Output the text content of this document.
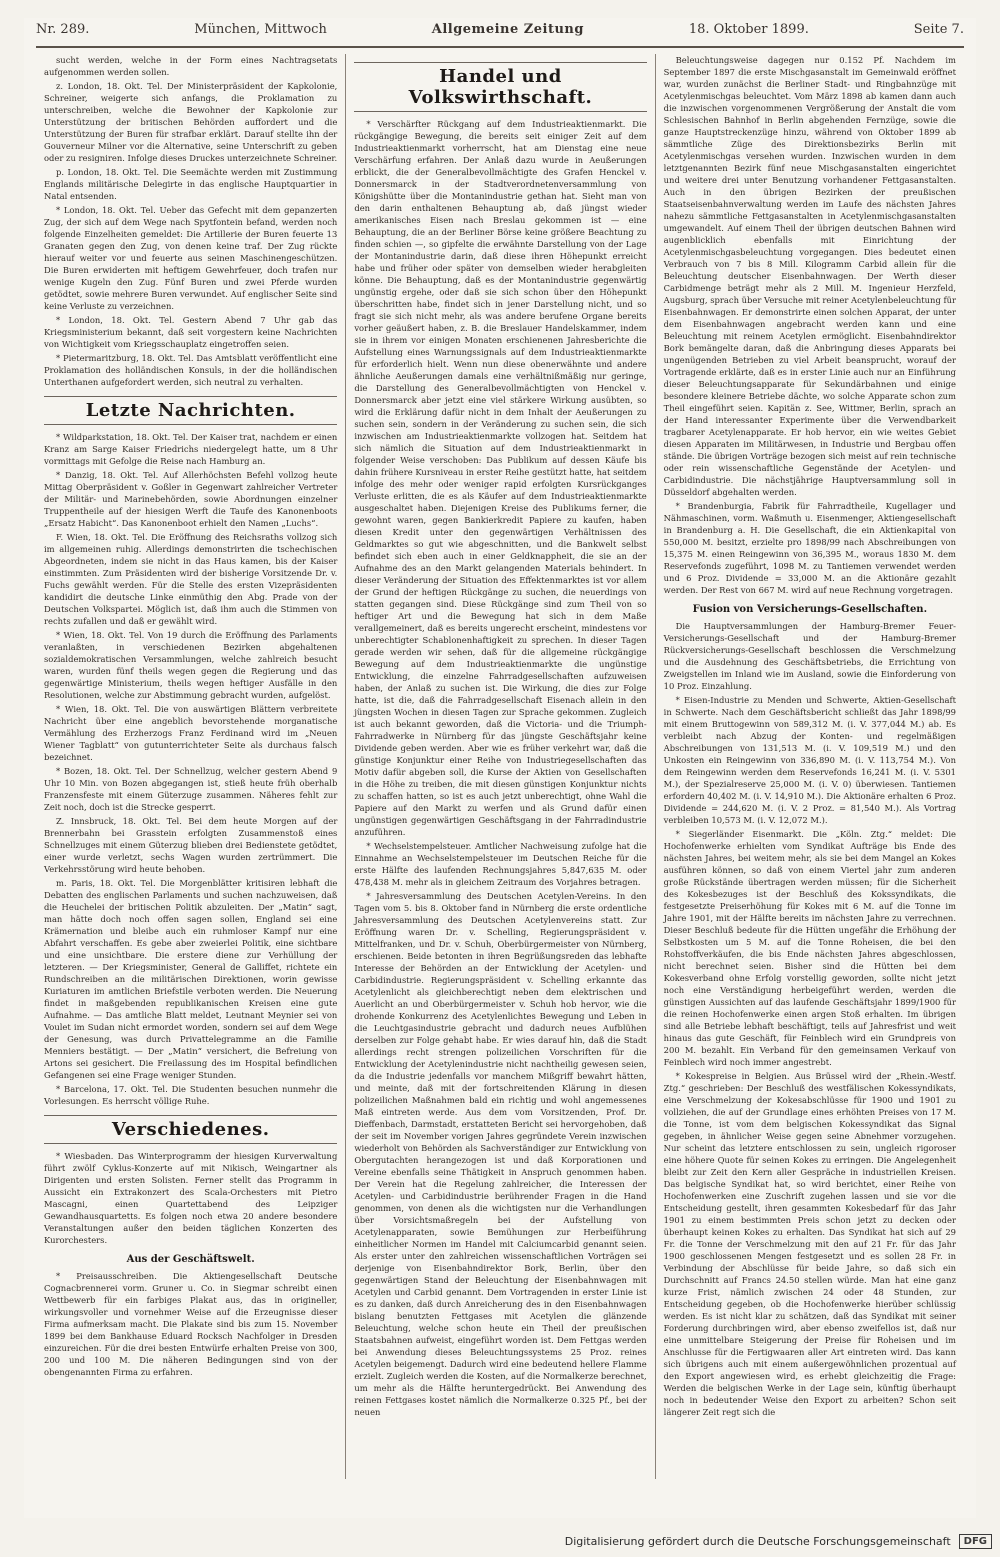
Nr. 289.	München, Mittwoch	Allgemeine Zeitung	18. Oktober 1899.	Seite 7.

sucht werden, welche in der Form eines Nachtragsetats aufgenommen werden sollen.

z. London, 18. Okt. Tel. Der Ministerpräsident der Kapkolonie, Schreiner, weigerte sich anfangs, die Proklamation zu unterschreiben, welche die Bewohner der Kapkolonie zur Unterstützung der britischen Behörden auffordert und die Unterstützung der Buren für strafbar erklärt. Darauf stellte ihn der Gouverneur Milner vor die Alternative, seine Unterschrift zu geben oder zu resigniren. Infolge dieses Druckes unterzeichnete Schreiner.

p. London, 18. Okt. Tel. Die Seemächte werden mit Zustimmung Englands militärische Delegirte in das englische Hauptquartier in Natal entsenden.

* London, 18. Okt. Tel. Ueber das Gefecht mit dem gepanzerten Zug, der sich auf dem Wege nach Spytfontein befand, werden noch folgende Einzelheiten gemeldet: Die Artillerie der Buren feuerte 13 Granaten gegen den Zug, von denen keine traf. Der Zug rückte hierauf weiter vor und feuerte aus seinen Maschinengeschützen. Die Buren erwiderten mit heftigem Gewehrfeuer, doch trafen nur wenige Kugeln den Zug. Fünf Buren und zwei Pferde wurden getödtet, sowie mehrere Buren verwundet. Auf englischer Seite sind keine Verluste zu verzeichnen.

* London, 18. Okt. Tel. Gestern Abend 7 Uhr gab das Kriegsministerium bekannt, daß seit vorgestern keine Nachrichten von Wichtigkeit vom Kriegsschauplatz eingetroffen seien.

* Pietermaritzburg, 18. Okt. Tel. Das Amtsblatt veröffentlicht eine Proklamation des holländischen Konsuls, in der die holländischen Unterthanen aufgefordert werden, sich neutral zu verhalten.

Letzte Nachrichten.

* Wildparkstation, 18. Okt. Tel. Der Kaiser trat, nachdem er einen Kranz am Sarge Kaiser Friedrichs niedergelegt hatte, um 8 Uhr vormittags mit Gefolge die Reise nach Hamburg an.

* Danzig, 18. Okt. Tel. Auf Allerhöchsten Befehl vollzog heute Mittag Oberpräsident v. Goßler in Gegenwart zahlreicher Vertreter der Militär- und Marinebehörden, sowie Abordnungen einzelner Truppentheile auf der hiesigen Werft die Taufe des Kanonenboots „Ersatz Habicht“. Das Kanonenboot erhielt den Namen „Luchs“.

F. Wien, 18. Okt. Tel. Die Eröffnung des Reichsraths vollzog sich im allgemeinen ruhig. Allerdings demonstrirten die tschechischen Abgeordneten, indem sie nicht in das Haus kamen, bis der Kaiser einstimmten. Zum Präsidenten wird der bisherige Vorsitzende Dr. v. Fuchs gewählt werden. Für die Stelle des ersten Vizepräsidenten kandidirt die deutsche Linke einmüthig den Abg. Prade von der Deutschen Volkspartei. Möglich ist, daß ihm auch die Stimmen von rechts zufallen und daß er gewählt wird.

* Wien, 18. Okt. Tel. Von 19 durch die Eröffnung des Parlaments veranlaßten, in verschiedenen Bezirken abgehaltenen sozialdemokratischen Versammlungen, welche zahlreich besucht waren, wurden fünf theils wegen gegen die Regierung und das gegenwärtige Ministerium, theils wegen heftiger Ausfälle in den Resolutionen, welche zur Abstimmung gebracht wurden, aufgelöst.

* Wien, 18. Okt. Tel. Die von auswärtigen Blättern verbreitete Nachricht über eine angeblich bevorstehende morganatische Vermählung des Erzherzogs Franz Ferdinand wird im „Neuen Wiener Tagblatt“ von gutunterrichteter Seite als durchaus falsch bezeichnet.

* Bozen, 18. Okt. Tel. Der Schnellzug, welcher gestern Abend 9 Uhr 10 Min. von Bozen abgegangen ist, stieß heute früh oberhalb Franzensfeste mit einem Güterzuge zusammen. Näheres fehlt zur Zeit noch, doch ist die Strecke gesperrt.

Z. Innsbruck, 18. Okt. Tel. Bei dem heute Morgen auf der Brennerbahn bei Grasstein erfolgten Zusammenstoß eines Schnellzuges mit einem Güterzug blieben drei Bedienstete getödtet, einer wurde verletzt, sechs Wagen wurden zertrümmert. Die Verkehrsstörung wird heute behoben.

m. Paris, 18. Okt. Tel. Die Morgenblätter kritisiren lebhaft die Debatten des englischen Parlaments und suchen nachzuweisen, daß die Heuchelei der britischen Politik abzuleiten. Der „Matin“ sagt, man hätte doch noch offen sagen sollen, England sei eine Krämernation und bleibe auch ein ruhmloser Kampf nur eine Abfahrt verschaffen. Es gebe aber zweierlei Politik, eine sichtbare und eine unsichtbare. Die erstere diene zur Verhüllung der letzteren. — Der Kriegsminister, General de Galliffet, richtete ein Rundschreiben an die militärischen Direktionen, worin gewisse Kuriaturen im amtlichen Briefstile verboten werden. Die Neuerung findet in maßgebenden republikanischen Kreisen eine gute Aufnahme. — Das amtliche Blatt meldet, Leutnant Meynier sei von Voulet im Sudan nicht ermordet worden, sondern sei auf dem Wege der Genesung, was durch Privattelegramme an die Familie Menniers bestätigt. — Der „Matin“ versichert, die Befreiung von Artons sei gesichert. Die Freilassung des im Hospital befindlichen Gefangenen sei eine Frage weniger Stunden.

* Barcelona, 17. Okt. Tel. Die Studenten besuchen nunmehr die Vorlesungen. Es herrscht völlige Ruhe.

Verschiedenes.

* Wiesbaden. Das Winterprogramm der hiesigen Kurverwaltung führt zwölf Cyklus-Konzerte auf mit Nikisch, Weingartner als Dirigenten und ersten Solisten. Ferner stellt das Programm in Aussicht ein Extrakonzert des Scala-Orchesters mit Pietro Mascagni, einen Quartettabend des Leipziger Gewandhausquartetts. Es folgen noch etwa 20 andere besondere Veranstaltungen außer den beiden täglichen Konzerten des Kurorchesters.

Aus der Geschäftswelt.

* Preisausschreiben. Die Aktiengesellschaft Deutsche Cognacbrennerei vorm. Gruner u. Co. in Siegmar schreibt einen Wettbewerb für ein farbiges Plakat aus, das in origineller, wirkungsvoller und vornehmer Weise auf die Erzeugnisse dieser Firma aufmerksam macht. Die Plakate sind bis zum 15. November 1899 bei dem Bankhause Eduard Rocksch Nachfolger in Dresden einzureichen. Für die drei besten Entwürfe erhalten Preise von 300, 200 und 100 M. Die näheren Bedingungen sind von der obengenannten Firma zu erfahren.

Handel und Volkswirthschaft.

* Verschärfter Rückgang auf dem Industrieaktienmarkt. Die rückgängige Bewegung, die bereits seit einiger Zeit auf dem Industrieaktienmarkt vorherrscht, hat am Dienstag eine neue Verschärfung erfahren. Der Anlaß dazu wurde in Aeußerungen erblickt, die der Generalbevollmächtigte des Grafen Henckel v. Donnersmarck in der Stadtverordnetenversammlung von Königshütte über die Montanindustrie gethan hat. Sieht man von den darin enthaltenen Behauptung ab, daß jüngst wieder amerikanisches Eisen nach Breslau gekommen ist — eine Behauptung, die an der Berliner Börse keine größere Beachtung zu finden schien —, so gipfelte die erwähnte Darstellung von der Lage der Montanindustrie darin, daß diese ihren Höhepunkt erreicht habe und früher oder später von demselben wieder herabgleiten könne. Die Behauptung, daß es der Montanindustrie gegenwärtig ungünstig ergehe, oder daß sie sich schon über den Höhepunkt überschritten habe, findet sich in jener Darstellung nicht, und so fragt sie sich nicht mehr, als was andere berufene Organe bereits vorher geäußert haben, z. B. die Breslauer Handelskammer, indem sie in ihrem vor einigen Monaten erschienenen Jahresberichte die Aufstellung eines Warnungssignals auf dem Industrieaktienmarkte für erforderlich hielt. Wenn nun diese obenerwähnte und andere ähnliche Aeußerungen damals eine verhältnißmäßig nur geringe, die Darstellung des Generalbevollmächtigten von Henckel v. Donnersmarck aber jetzt eine viel stärkere Wirkung ausübten, so wird die Erklärung dafür nicht in dem Inhalt der Aeußerungen zu suchen sein, sondern in der Veränderung zu suchen sein, die sich inzwischen am Industrieaktienmarkte vollzogen hat. Seitdem hat sich nämlich die Situation auf dem Industrieaktienmarkt in folgender Weise verschoben: Das Publikum auf dessen Käufe bis dahin frühere Kursniveau in erster Reihe gestützt hatte, hat seitdem infolge des mehr oder weniger rapid erfolgten Kursrückganges Verluste erlitten, die es als Käufer auf dem Industrieaktienmarkte ausgeschaltet haben. Diejenigen Kreise des Publikums ferner, die gewohnt waren, gegen Bankierkredit Papiere zu kaufen, haben diesen Kredit unter den gegenwärtigen Verhältnissen des Geldmarktes so gut wie abgeschnitten, und die Bankwelt selbst befindet sich eben auch in einer Geldknappheit, die sie an der Aufnahme des an den Markt gelangenden Materials behindert. In dieser Veränderung der Situation des Effektenmarktes ist vor allem der Grund der heftigen Rückgänge zu suchen, die neuerdings von statten gegangen sind. Diese Rückgänge sind zum Theil von so heftiger Art und die Bewegung hat sich in dem Maße verallgemeinert, daß es bereits ungerecht erscheint, mindestens vor unberechtigter Schablonenhaftigkeit zu sprechen. In dieser Tagen gerade werden wir sehen, daß für die allgemeine rückgängige Bewegung auf dem Industrieaktienmarkte die ungünstige Entwicklung, die einzelne Fahrradgesellschaften aufzuweisen haben, der Anlaß zu suchen ist. Die Wirkung, die dies zur Folge hatte, ist die, daß die Fahrradgesellschaft Eisenach allein in den jüngsten Wochen in diesen Tagen zur Sprache gekommen. Zugleich ist auch bekannt geworden, daß die Victoria- und die Triumph-Fahrradwerke in Nürnberg für das jüngste Geschäftsjahr keine Dividende geben werden. Aber wie es früher verkehrt war, daß die günstige Konjunktur einer Reihe von Industriegesellschaften das Motiv dafür abgeben soll, die Kurse der Aktien von Gesellschaften in die Höhe zu treiben, die mit diesen günstigen Konjunktur nichts zu schaffen hatten, so ist es auch jetzt unberechtigt, ohne Wahl die Papiere auf den Markt zu werfen und als Grund dafür einen ungünstigen gegenwärtigen Geschäftsgang in der Fahrradindustrie anzuführen.

* Wechselstempelsteuer. Amtlicher Nachweisung zufolge hat die Einnahme an Wechselstempelsteuer im Deutschen Reiche für die erste Hälfte des laufenden Rechnungsjahres 5,847,635 M. oder 478,438 M. mehr als in gleichem Zeitraum des Vorjahres betragen.

* Jahresversammlung des Deutschen Acetylen-Vereins. In den Tagen vom 5. bis 8. Oktober fand in Nürnberg die erste ordentliche Jahresversammlung des Deutschen Acetylenvereins statt. Zur Eröffnung waren Dr. v. Schelling, Regierungspräsident v. Mittelfranken, und Dr. v. Schuh, Oberbürgermeister von Nürnberg, erschienen. Beide betonten in ihren Begrüßungsreden das lebhafte Interesse der Behörden an der Entwicklung der Acetylen- und Carbidindustrie. Regierungspräsident v. Schelling erkannte das Acetylenlicht als gleichberechtigt neben dem elektrischen und Auerlicht an und Oberbürgermeister v. Schuh hob hervor, wie die drohende Konkurrenz des Acetylenlichtes Bewegung und Leben in die Leuchtgasindustrie gebracht und dadurch neues Aufblühen derselben zur Folge gehabt habe. Er wies darauf hin, daß die Stadt allerdings recht strengen polizeilichen Vorschriften für die Entwicklung der Acetylenindustrie nicht nachtheilig gewesen seien, da die Industrie jedenfalls vor manchem Mißgriff bewahrt hätten, und meinte, daß mit der fortschreitenden Klärung in diesen polizeilichen Maßnahmen bald ein richtig und wohl angemessenes Maß eintreten werde. Aus dem vom Vorsitzenden, Prof. Dr. Dieffenbach, Darmstadt, erstatteten Bericht sei hervorgehoben, daß der seit im November vorigen Jahres gegründete Verein inzwischen wiederholt von Behörden als Sachverständiger zur Entwicklung von Obergutachten herangezogen ist und daß Korporationen und Vereine ebenfalls seine Thätigkeit in Anspruch genommen haben. Der Verein hat die Regelung zahlreicher, die Interessen der Acetylen- und Carbidindustrie berührender Fragen in die Hand genommen, von denen als die wichtigsten nur die Verhandlungen über Vorsichtsmaßregeln bei der Aufstellung von Acetylenapparaten, sowie Bemühungen zur Herbeiführung einheitlicher Normen im Handel mit Calciumcarbid genannt seien. Als erster unter den zahlreichen wissenschaftlichen Vorträgen sei derjenige von Eisenbahndirektor Bork, Berlin, über den gegenwärtigen Stand der Beleuchtung der Eisenbahnwagen mit Acetylen und Carbid genannt. Dem Vortragenden in erster Linie ist es zu danken, daß durch Anreicherung des in den Eisenbahnwagen bislang benutzten Fettgases mit Acetylen die glänzende Beleuchtung, welche schon heute ein Theil der preußischen Staatsbahnen aufweist, eingeführt worden ist. Dem Fettgas werden bei Anwendung dieses Beleuchtungssystems 25 Proz. reines Acetylen beigemengt. Dadurch wird eine bedeutend hellere Flamme erzielt. Zugleich werden die Kosten, auf die Normalkerze berechnet, um mehr als die Hälfte heruntergedrückt. Bei Anwendung des reinen Fettgases kostet nämlich die Normalkerze 0.325 Pf., bei der neuen

Beleuchtungsweise dagegen nur 0.152 Pf. Nachdem im September 1897 die erste Mischgasanstalt im Gemeinwald eröffnet war, wurden zunächst die Berliner Stadt- und Ringbahnzüge mit Acetylenmischgas beleuchtet. Vom März 1898 ab kamen dann auch die inzwischen vorgenommenen Vergrößerung der Anstalt die vom Schlesischen Bahnhof in Berlin abgehenden Fernzüge, sowie die ganze Hauptstreckenzüge hinzu, während von Oktober 1899 ab sämmtliche Züge des Direktionsbezirks Berlin mit Acetylenmischgas versehen wurden. Inzwischen wurden in dem letztgenannten Bezirk fünf neue Mischgasanstalten eingerichtet und weitere drei unter Benutzung vorhandener Fettgasanstalten. Auch in den übrigen Bezirken der preußischen Staatseisenbahnverwaltung werden im Laufe des nächsten Jahres nahezu sämmtliche Fettgasanstalten in Acetylenmischgasanstalten umgewandelt. Auf einem Theil der übrigen deutschen Bahnen wird augenblicklich ebenfalls mit Einrichtung der Acetylenmischgasbeleuchtung vorgegangen. Dies bedeutet einen Verbrauch von 7 bis 8 Mill. Kilogramm Carbid allein für die Beleuchtung deutscher Eisenbahnwagen. Der Werth dieser Carbidmenge beträgt mehr als 2 Mill. M. Ingenieur Herzfeld, Augsburg, sprach über Versuche mit reiner Acetylenbeleuchtung für Eisenbahnwagen. Er demonstrirte einen solchen Apparat, der unter dem Eisenbahnwagen angebracht werden kann und eine Beleuchtung mit reinem Acetylen ermöglicht. Eisenbahndirektor Bork bemängelte daran, daß die Anbringung dieses Apparats bei ungenügenden Betrieben zu viel Arbeit beansprucht, worauf der Vortragende erklärte, daß es in erster Linie auch nur an Einführung dieser Beleuchtungsapparate für Sekundärbahnen und einige besondere kleinere Betriebe dächte, wo solche Apparate schon zum Theil eingeführt seien. Kapitän z. See, Wittmer, Berlin, sprach an der Hand interessanter Experimente über die Verwendbarkeit tragbarer Acetylenapparate. Er hob hervor, ein wie weites Gebiet diesen Apparaten im Militärwesen, in Industrie und Bergbau offen stände. Die übrigen Vorträge bezogen sich meist auf rein technische oder rein wissenschaftliche Gegenstände der Acetylen- und Carbidindustrie. Die nächstjährige Hauptversammlung soll in Düsseldorf abgehalten werden.

* Brandenburgia, Fabrik für Fahrradtheile, Kugellager und Nähmaschinen, vorm. Waßmuth u. Eisenmenger, Aktiengesellschaft in Brandenburg a. H. Die Gesellschaft, die ein Aktienkapital von 550,000 M. besitzt, erzielte pro 1898/99 nach Abschreibungen von 15,375 M. einen Reingewinn von 36,395 M., woraus 1830 M. dem Reservefonds zugeführt, 1098 M. zu Tantiemen verwendet werden und 6 Proz. Dividende = 33,000 M. an die Aktionäre gezahlt werden. Der Rest von 667 M. wird auf neue Rechnung vorgetragen.

Fusion von Versicherungs-Gesellschaften.

Die Hauptversammlungen der Hamburg-Bremer Feuer-Versicherungs-Gesellschaft und der Hamburg-Bremer Rückversicherungs-Gesellschaft beschlossen die Verschmelzung und die Ausdehnung des Geschäftsbetriebs, die Errichtung von Zweigstellen im Inland wie im Ausland, sowie die Einforderung von 10 Proz. Einzahlung.

* Eisen-Industrie zu Menden und Schwerte, Aktien-Gesellschaft in Schwerte. Nach dem Geschäftsbericht schließt das Jahr 1898/99 mit einem Bruttogewinn von 589,312 M. (i. V. 377,044 M.) ab. Es verbleibt nach Abzug der Konten- und regelmäßigen Abschreibungen von 131,513 M. (i. V. 109,519 M.) und den Unkosten ein Reingewinn von 336,890 M. (i. V. 113,754 M.). Von dem Reingewinn werden dem Reservefonds 16,241 M. (i. V. 5301 M.), der Spezialreserve 25,000 M. (i. V. 0) überwiesen. Tantiemen erfordern 40,402 M. (i. V. 14,910 M.). Die Aktionäre erhalten 6 Proz. Dividende = 244,620 M. (i. V. 2 Proz. = 81,540 M.). Als Vortrag verbleiben 10,573 M. (i. V. 12,072 M.).

* Siegerländer Eisenmarkt. Die „Köln. Ztg.“ meldet: Die Hochofenwerke erhielten vom Syndikat Aufträge bis Ende des nächsten Jahres, bei weitem mehr, als sie bei dem Mangel an Kokes ausführen können, so daß von einem Viertel jahr zum anderen große Rückstände übertragen werden müssen; für die Sicherheit des Kokesbezuges ist der Beschluß des Kokssyndikats, die festgesetzte Preiserhöhung für Kokes mit 6 M. auf die Tonne im Jahre 1901, mit der Hälfte bereits im nächsten Jahre zu verrechnen. Dieser Beschluß bedeute für die Hütten ungefähr die Erhöhung der Selbstkosten um 5 M. auf die Tonne Roheisen, die bei den Rohstoffverkäufen, die bis Ende nächsten Jahres abgeschlossen, nicht berechnet seien. Bisher sind die Hütten bei dem Kokesverband ohne Erfolg vorstellig geworden, sollte nicht jetzt noch eine Verständigung herbeigeführt werden, werden die günstigen Aussichten auf das laufende Geschäftsjahr 1899/1900 für die reinen Hochofenwerke einen argen Stoß erhalten. Im übrigen sind alle Betriebe lebhaft beschäftigt, teils auf Jahresfrist und weit hinaus das gute Geschäft, für Feinblech wird ein Grundpreis von 200 M. bezahlt. Ein Verband für den gemeinsamen Verkauf von Feinblech wird noch immer angestrebt.

* Kokespreise in Belgien. Aus Brüssel wird der „Rhein.-Westf. Ztg.“ geschrieben: Der Beschluß des westfälischen Kokessyndikats, eine Verschmelzung der Kokesabschlüsse für 1900 und 1901 zu vollziehen, die auf der Grundlage eines erhöhten Preises von 17 M. die Tonne, ist vom dem belgischen Kokessyndikat das Signal gegeben, in ähnlicher Weise gegen seine Abnehmer vorzugehen. Nur scheint das letztere entschlossen zu sein, ungleich rigoroser eine höhere Quote für seinen Kokes zu erringen. Die Angelegenheit bleibt zur Zeit den Kern aller Gespräche in industriellen Kreisen. Das belgische Syndikat hat, so wird berichtet, einer Reihe von Hochofenwerken eine Zuschrift zugehen lassen und sie vor die Entscheidung gestellt, ihren gesammten Kokesbedarf für das Jahr 1901 zu einem bestimmten Preis schon jetzt zu decken oder überhaupt keinen Kokes zu erhalten. Das Syndikat hat sich auf 29 Fr. die Tonne der Verschmelzung mit den auf 21 Fr. für das Jahr 1900 geschlossenen Mengen festgesetzt und es sollen 28 Fr. in Verbindung der Abschlüsse für beide Jahre, so daß sich ein Durchschnitt auf Francs 24.50 stellen würde. Man hat eine ganz kurze Frist, nämlich zwischen 24 oder 48 Stunden, zur Entscheidung gegeben, ob die Hochofenwerke hierüber schlüssig werden. Es ist nicht klar zu schätzen, daß das Syndikat mit seiner Forderung durchbringen wird, aber ebenso zweifellos ist, daß nur eine unmittelbare Steigerung der Preise für Roheisen und im Anschlusse für die Fertigwaaren aller Art eintreten wird. Das kann sich übrigens auch mit einem außergewöhnlichen prozentual auf den Export angewiesen wird, es erhebt gleichzeitig die Frage: Werden die belgischen Werke in der Lage sein, künftig überhaupt noch in bedeutender Weise den Export zu arbeiten? Schon seit längerer Zeit regt sich die

Digitalisierung gefördert durch die Deutsche Forschungsgemeinschaft	DFG
